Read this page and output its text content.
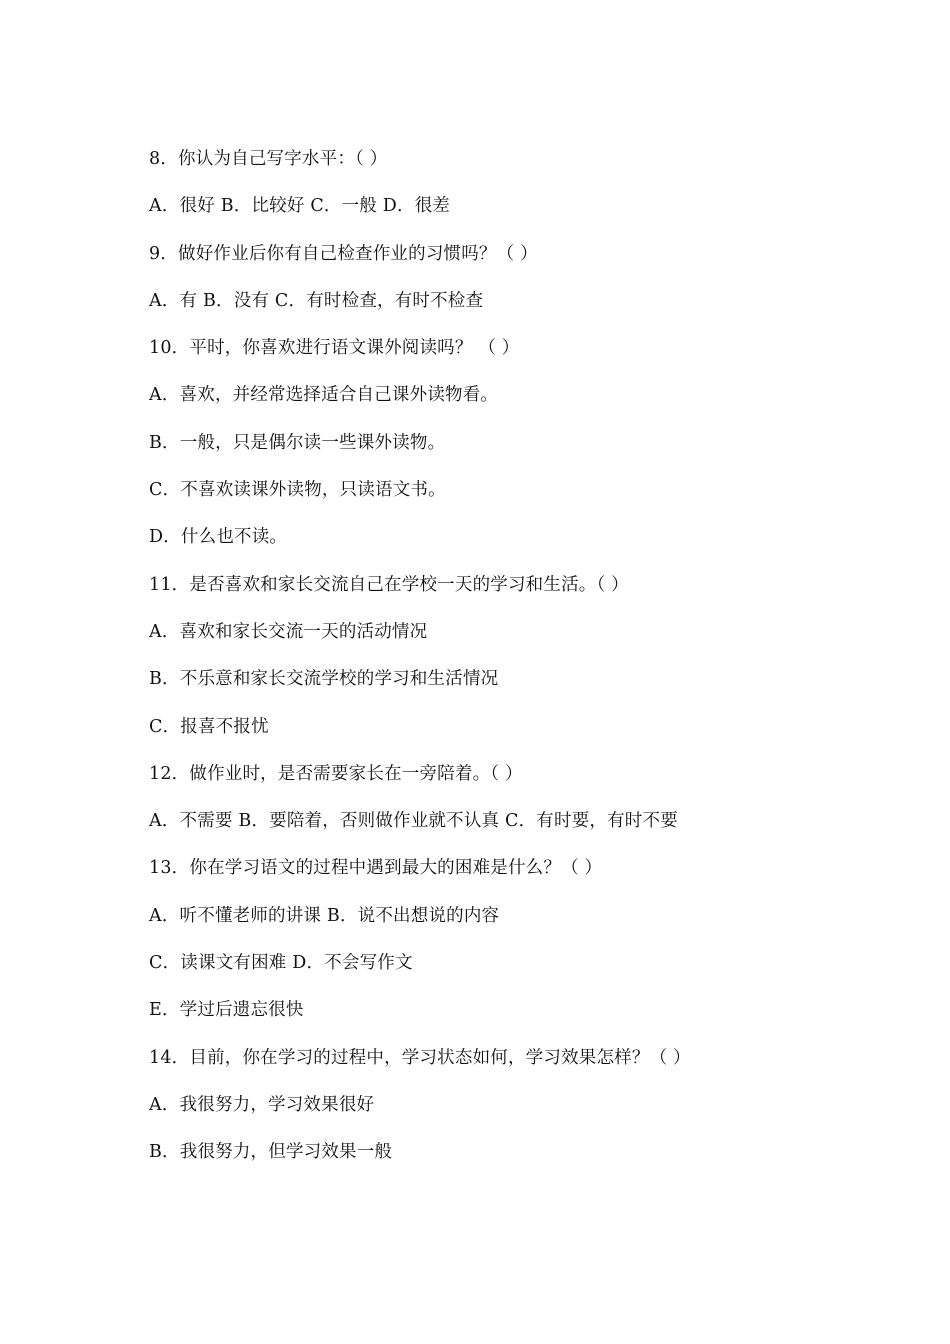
8．你认为自己写字水平：（ ）
A．很好 B．比较好 C．一般 D．很差
9．做好作业后你有自己检查作业的习惯吗？（ ）
A．有 B．没有 C．有时检查，有时不检查
10．平时，你喜欢进行语文课外阅读吗？ （ ）
A．喜欢，并经常选择适合自己课外读物看。
B．一般，只是偶尔读一些课外读物。
C．不喜欢读课外读物，只读语文书。
D．什么也不读。
11．是否喜欢和家长交流自己在学校一天的学习和生活。（ ）
A．喜欢和家长交流一天的活动情况
B．不乐意和家长交流学校的学习和生活情况
C．报喜不报忧
12．做作业时，是否需要家长在一旁陪着。（ ）
A．不需要 B．要陪着，否则做作业就不认真 C．有时要，有时不要
13．你在学习语文的过程中遇到最大的困难是什么？（ ）
A．听不懂老师的讲课 B．说不出想说的内容
C．读课文有困难 D．不会写作文
E．学过后遗忘很快
14．目前，你在学习的过程中，学习状态如何，学习效果怎样？（ ）
A．我很努力，学习效果很好
B．我很努力，但学习效果一般
